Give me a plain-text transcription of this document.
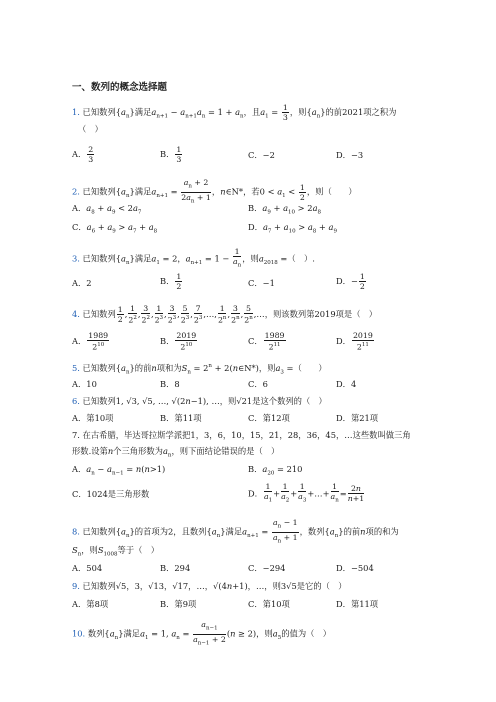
一、数列的概念选择题
1. 已知数列$\{a_n\}$满足$a_{n+1} - a_{n+1}a_n = 1 + a_n$，且$a_1 = \frac{1}{3}$ ，则$\{a_n\}$的前2021项之积为
（　）
A． $\frac{2}{3}$	B． $\frac{1}{3}$	C．−2	D．−3
2. 已知数列$\{a_n\}$满足$a_{n+1} = \frac{a_n + 2}{2a_n + 1}$ ，n∈N*，若$0 < a_1 < \frac{1}{2}$ ，则（　　）
A．$a_8 + a_9 < 2a_7$	B．$a_9 + a_{10} > 2a_8$
C．$a_6 + a_9 > a_7 + a_8$	D．$a_7 + a_{10} > a_8 + a_9$
3. 已知数列$\{a_n\}$满足$a_1 = 2$，$a_{n+1} = 1 - \frac{1}{a_n}$ ，则$a_{2018}$ =（　）.
A．2	B． $\frac{1}{2}$	C．−1	D．− $\frac{1}{2}$
4. 已知数列 $\frac{1}{2}$ , $\frac{1}{2^2}$ , $\frac{3}{2^2}$ , $\frac{1}{2^3}$ , $\frac{3}{2^3}$ , $\frac{5}{2^3}$ , $\frac{7}{2^3}$ ,…, $\frac{1}{2^n}$ , $\frac{3}{2^n}$ , $\frac{5}{2^n}$ ,…，则该数列第2019项是（　）
A． $\frac{1989}{2^{10}}$	B． $\frac{2019}{2^{10}}$	C． $\frac{1989}{2^{11}}$	D． $\frac{2019}{2^{11}}$
5. 已知数列$\{a_n\}$的前n项和为$S_n = 2^n$ + 2(n∈N*)，则$a_3$ =（　　）
A．10	B．8	C．6	D．4
6. 已知数列1, √3, √5, …, √(2n−1), …，则√21是这个数列的（　）
A．第10项	B．第11项	C．第12项	D．第21项
7. 在古希腊，毕达哥拉斯学派把1，3，6，10，15，21，28，36，45，…这些数叫做三角
形数.设第n个三角形数为$a_n$，则下面结论错误的是（　）
A．$a_n - a_{n-1} = n(n>1)$	B．$a_{20} = 210$
C．1024是三角形数	D． $\frac{1}{a_1} + \frac{1}{a_2} + \frac{1}{a_3}$ +…+ $\frac{1}{a_n} = \frac{2n}{n+1}$
8. 已知数列$\{a_n\}$的首项为2，且数列$\{a_n\}$满足$a_{n+1} = \frac{a_n - 1}{a_n + 1}$ ，数列$\{a_n\}$的前n项的和为
$S_n$，则$S_{1008}$等于（　）
A．504	B．294	C．−294	D．−504
9. 已知数列√5，3，√13，√17，…，√(4n+1)，…，则3√5是它的（　）
A．第8项	B．第9项	C．第10项	D．第11项
10. 数列$\{a_n\}$满足$a_1 = 1$, $a_n = \frac{a_{n-1}}{a_{n-1} + 2} (n \ge 2)$，则$a_5$的值为（　）
